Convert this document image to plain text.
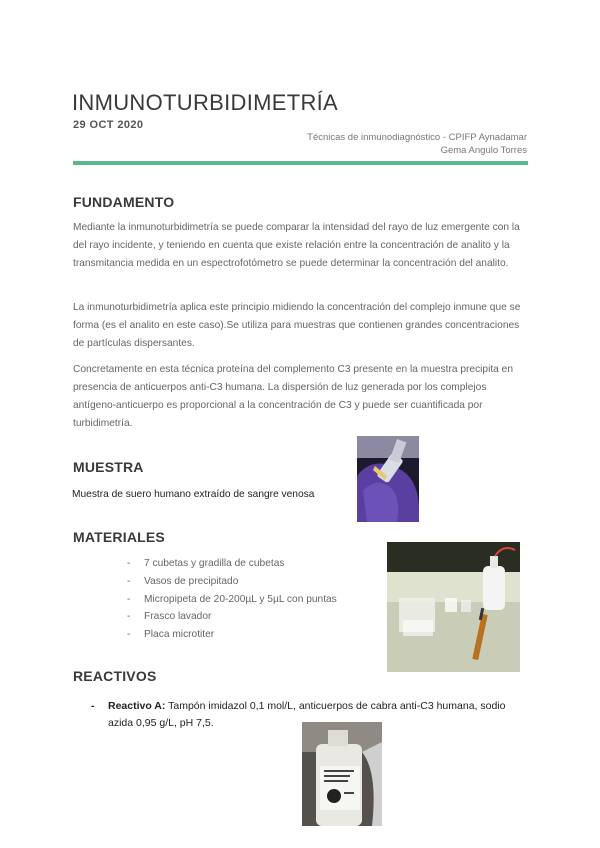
INMUNOTURBIDIMETRÍA
29 OCT 2020
Técnicas de inmunodiagnóstico - CPIFP Aynadamar
Gema Angulo Torres
FUNDAMENTO

Mediante la inmunoturbidimetría se puede comparar la intensidad del rayo de luz emergente con la del rayo incidente, y teniendo en cuenta que existe relación entre la concentración de analito y la transmitancia medida en un espectrofotómetro se puede determinar la concentración del analito.

La inmunoturbidimetría aplica este principio midiendo la concentración del complejo inmune que se forma (es el analito en este caso).Se utiliza para muestras que contienen grandes concentraciones de partículas dispersantes.

Concretamente en esta técnica proteína del complemento C3 presente en la muestra precipita en presencia de anticuerpos anti-C3 humana. La dispersión de luz generada por los complejos antígeno-anticuerpo es proporcional a la concentración de C3 y puede ser cuantificada por turbidimetría.

MUESTRA
Muestra de suero humano extraído de sangre venosa
MATERIALES
- 7 cubetas y gradilla de cubetas
- Vasos de precipitado
- Micropipeta de 20-200µL y 5µL con puntas
- Frasco lavador
- Placa microtiter
REACTIVOS
-	Reactivo A: Tampón imidazol 0,1 mol/L, anticuerpos de cabra anti-C3 humana, sodio azida 0,95 g/L, pH 7,5.
